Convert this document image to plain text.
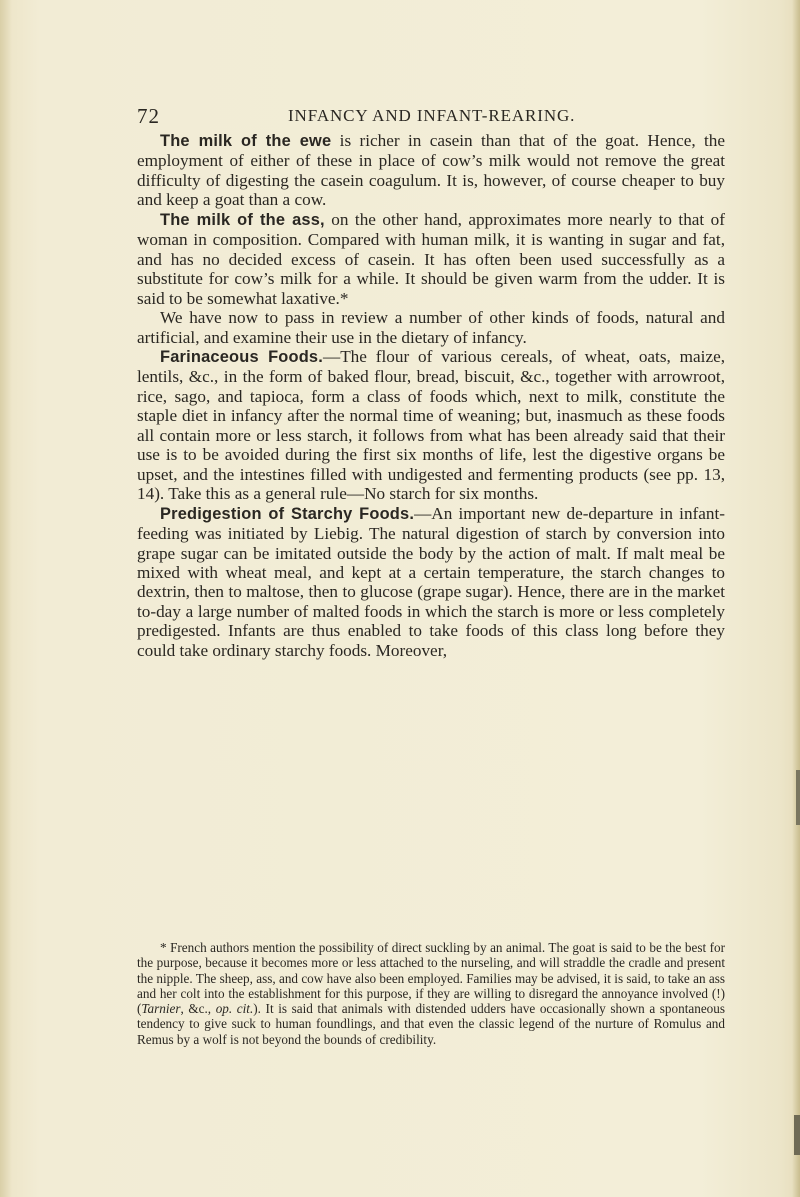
72	INFANCY AND INFANT-REARING.

The milk of the ewe is richer in casein than that of the goat. Hence, the employment of either of these in place of cow’s milk would not remove the great difficulty of digesting the casein coagulum. It is, however, of course cheaper to buy and keep a goat than a cow.

The milk of the ass, on the other hand, approximates more nearly to that of woman in composition. Compared with human milk, it is wanting in sugar and fat, and has no decided excess of casein. It has often been used successfully as a substitute for cow’s milk for a while. It should be given warm from the udder. It is said to be somewhat laxative.*

We have now to pass in review a number of other kinds of foods, natural and artificial, and examine their use in the dietary of infancy.

Farinaceous Foods.—The flour of various cereals, of wheat, oats, maize, lentils, &c., in the form of baked flour, bread, biscuit, &c., together with arrowroot, rice, sago, and tapioca, form a class of foods which, next to milk, constitute the staple diet in infancy after the normal time of weaning; but, inasmuch as these foods all contain more or less starch, it follows from what has been already said that their use is to be avoided during the first six months of life, lest the digestive organs be upset, and the intestines filled with undigested and fermenting products (see pp. 13, 14). Take this as a general rule—No starch for six months.

Predigestion of Starchy Foods.—An important new de-departure in infant-feeding was initiated by Liebig. The natural digestion of starch by conversion into grape sugar can be imitated outside the body by the action of malt. If malt meal be mixed with wheat meal, and kept at a certain temperature, the starch changes to dextrin, then to maltose, then to glucose (grape sugar). Hence, there are in the market to-day a large number of malted foods in which the starch is more or less completely predigested. Infants are thus enabled to take foods of this class long before they could take ordinary starchy foods. Moreover,

* French authors mention the possibility of direct suckling by an animal. The goat is said to be the best for the purpose, because it becomes more or less attached to the nurseling, and will straddle the cradle and present the nipple. The sheep, ass, and cow have also been employed. Families may be advised, it is said, to take an ass and her colt into the establishment for this purpose, if they are willing to disregard the annoyance involved (!) (Tarnier, &c., op. cit.). It is said that animals with distended udders have occasionally shown a spontaneous tendency to give suck to human foundlings, and that even the classic legend of the nurture of Romulus and Remus by a wolf is not beyond the bounds of credibility.
